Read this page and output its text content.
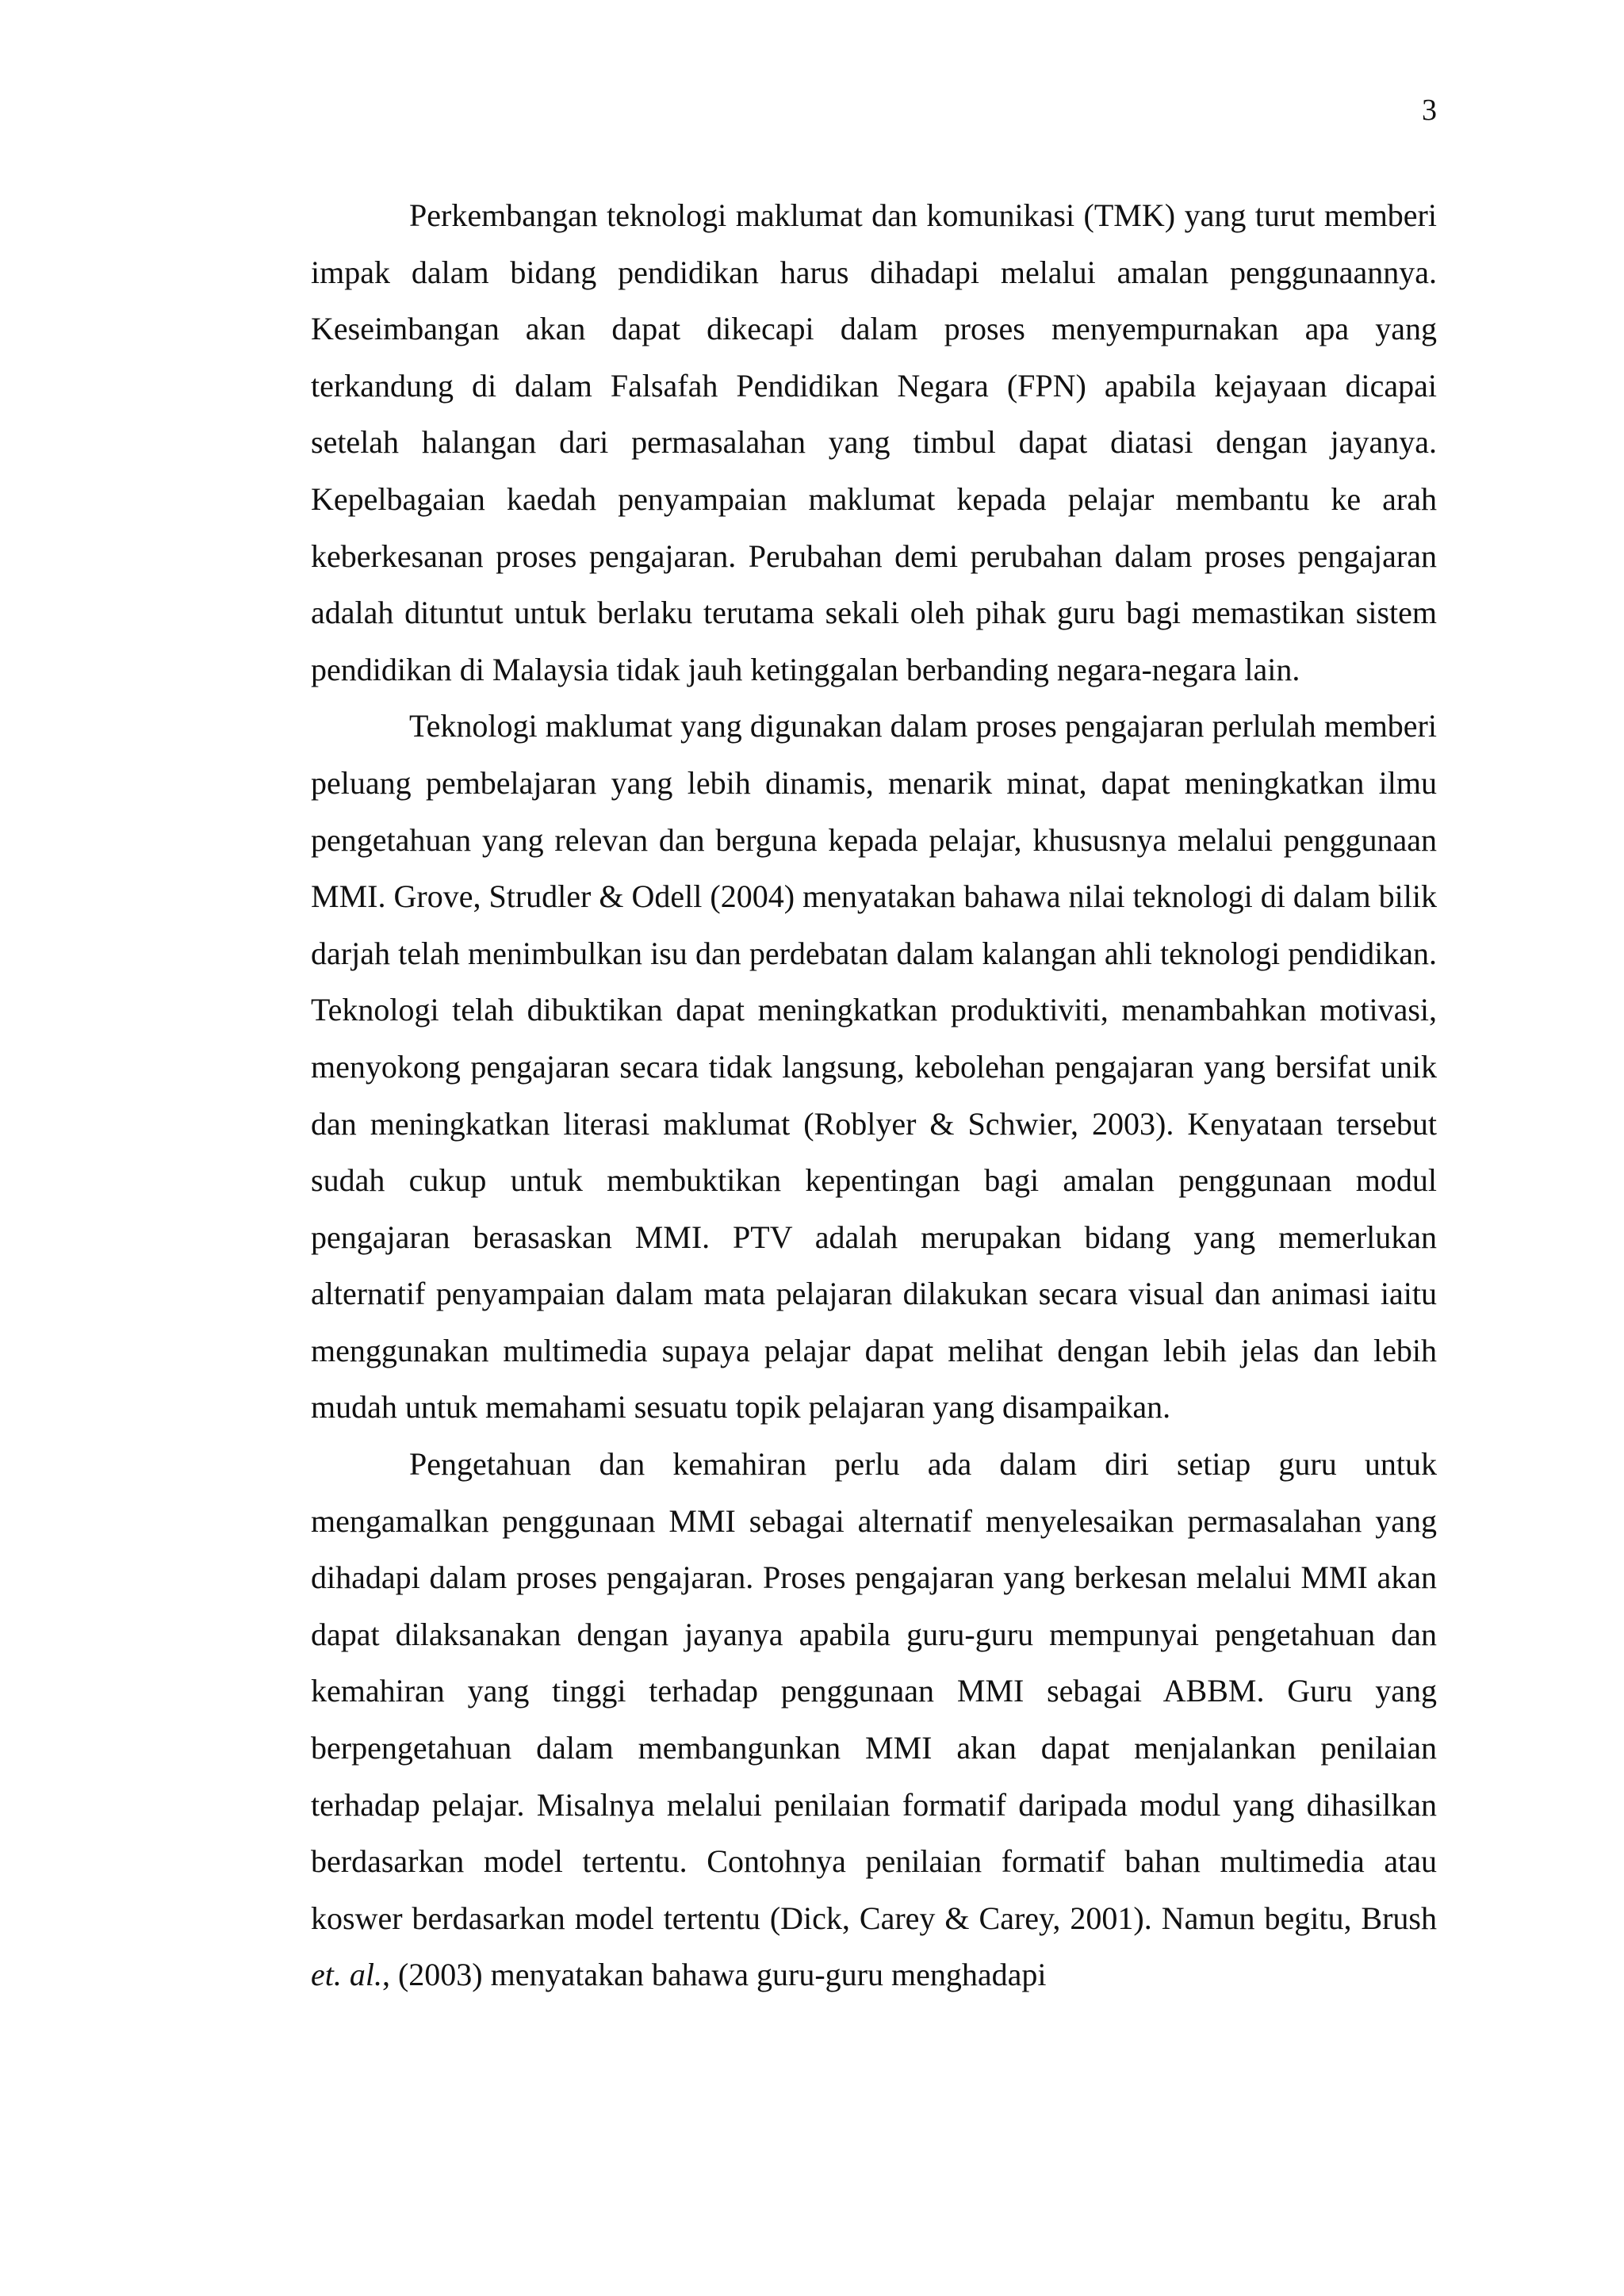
3

Perkembangan teknologi maklumat dan komunikasi (TMK) yang turut memberi impak dalam bidang pendidikan harus dihadapi melalui amalan penggunaannya. Keseimbangan akan dapat dikecapi dalam proses menyempurnakan apa yang terkandung di dalam Falsafah Pendidikan Negara (FPN) apabila kejayaan dicapai setelah halangan dari permasalahan yang timbul dapat diatasi dengan jayanya. Kepelbagaian kaedah penyampaian maklumat kepada pelajar membantu ke arah keberkesanan proses pengajaran. Perubahan demi perubahan dalam proses pengajaran adalah dituntut untuk berlaku terutama sekali oleh pihak guru bagi memastikan sistem pendidikan di Malaysia tidak jauh ketinggalan berbanding negara-negara lain.

Teknologi maklumat yang digunakan dalam proses pengajaran perlulah memberi peluang pembelajaran yang lebih dinamis, menarik minat, dapat meningkatkan ilmu pengetahuan yang relevan dan berguna kepada pelajar, khususnya melalui penggunaan MMI. Grove, Strudler & Odell (2004) menyatakan bahawa nilai teknologi di dalam bilik darjah telah menimbulkan isu dan perdebatan dalam kalangan ahli teknologi pendidikan. Teknologi telah dibuktikan dapat meningkatkan produktiviti, menambahkan motivasi, menyokong pengajaran secara tidak langsung, kebolehan pengajaran yang bersifat unik dan meningkatkan literasi maklumat (Roblyer & Schwier, 2003). Kenyataan tersebut sudah cukup untuk membuktikan kepentingan bagi amalan penggunaan modul pengajaran berasaskan MMI. PTV adalah merupakan bidang yang memerlukan alternatif penyampaian dalam mata pelajaran dilakukan secara visual dan animasi iaitu menggunakan multimedia supaya pelajar dapat melihat dengan lebih jelas dan lebih mudah untuk memahami sesuatu topik pelajaran yang disampaikan.

Pengetahuan dan kemahiran perlu ada dalam diri setiap guru untuk mengamalkan penggunaan MMI sebagai alternatif menyelesaikan permasalahan yang dihadapi dalam proses pengajaran. Proses pengajaran yang berkesan melalui MMI akan dapat dilaksanakan dengan jayanya apabila guru-guru mempunyai pengetahuan dan kemahiran yang tinggi terhadap penggunaan MMI sebagai ABBM. Guru yang berpengetahuan dalam membangunkan MMI akan dapat menjalankan penilaian terhadap pelajar. Misalnya melalui penilaian formatif daripada modul yang dihasilkan berdasarkan model tertentu. Contohnya penilaian formatif bahan multimedia atau koswer berdasarkan model tertentu (Dick, Carey & Carey, 2001). Namun begitu, Brush et. al., (2003) menyatakan bahawa guru-guru menghadapi
